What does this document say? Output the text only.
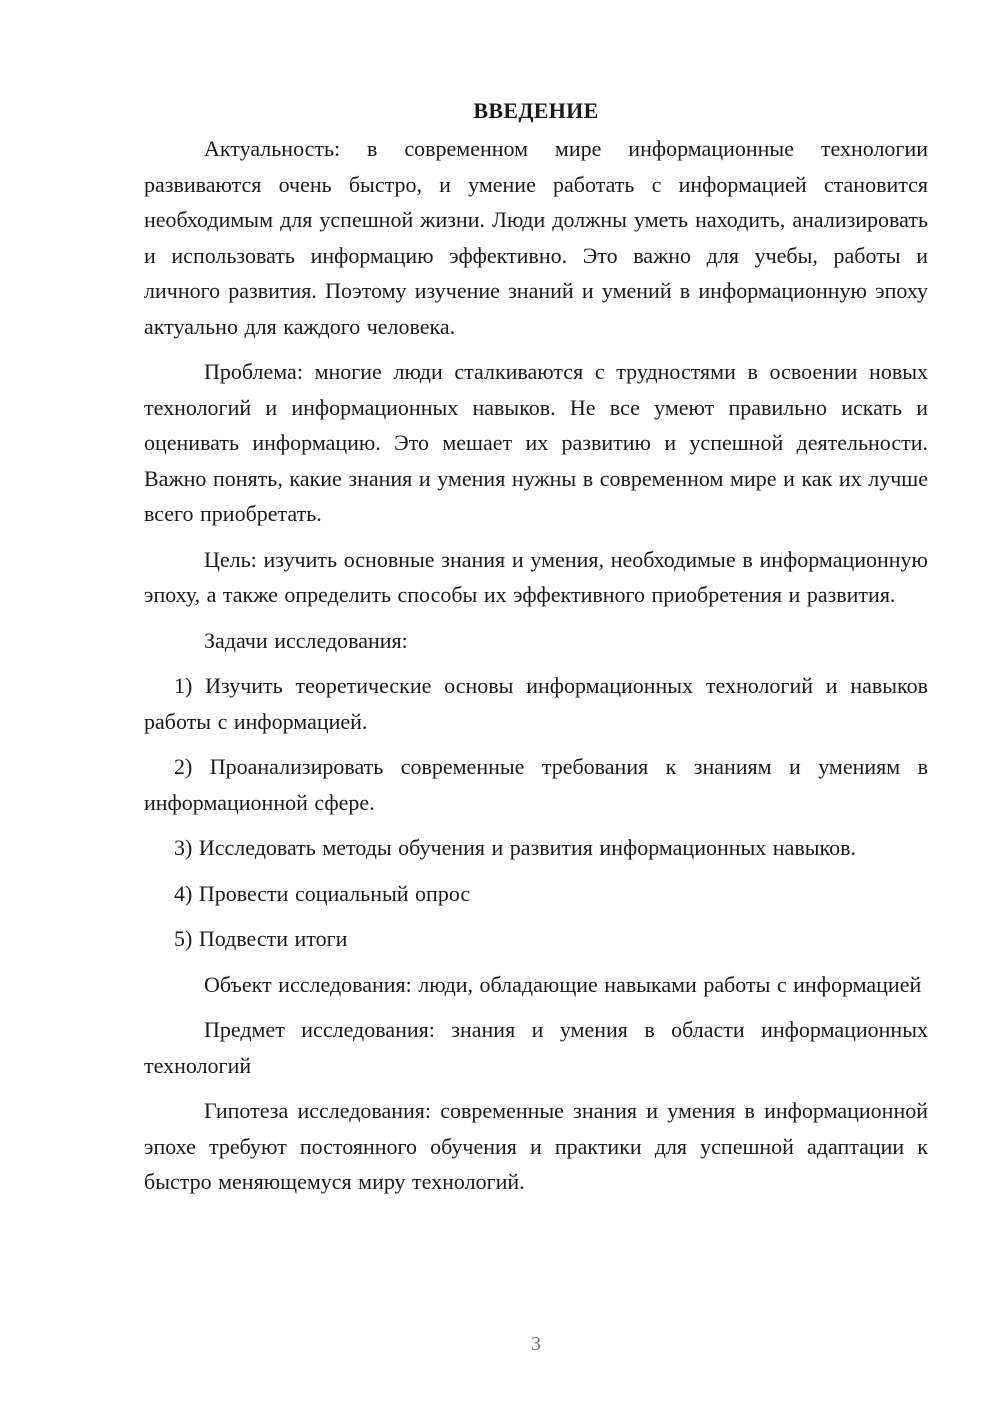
ВВЕДЕНИЕ

Актуальность: в современном мире информационные технологии развиваются очень быстро, и умение работать с информацией становится необходимым для успешной жизни. Люди должны уметь находить, анализировать и использовать информацию эффективно. Это важно для учебы, работы и личного развития. Поэтому изучение знаний и умений в информационную эпоху актуально для каждого человека.

Проблема: многие люди сталкиваются с трудностями в освоении новых технологий и информационных навыков. Не все умеют правильно искать и оценивать информацию. Это мешает их развитию и успешной деятельности. Важно понять, какие знания и умения нужны в современном мире и как их лучше всего приобретать.

Цель: изучить основные знания и умения, необходимые в информационную эпоху, а также определить способы их эффективного приобретения и развития.

Задачи исследования:

1) Изучить теоретические основы информационных технологий и навыков работы с информацией.

2) Проанализировать современные требования к знаниям и умениям в информационной сфере.

3) Исследовать методы обучения и развития информационных навыков.

4) Провести социальный опрос

5) Подвести итоги

Объект исследования: люди, обладающие навыками работы с информацией

Предмет исследования: знания и умения в области информационных технологий

Гипотеза исследования: современные знания и умения в информационной эпохе требуют постоянного обучения и практики для успешной адаптации к быстро меняющемуся миру технологий.

3
